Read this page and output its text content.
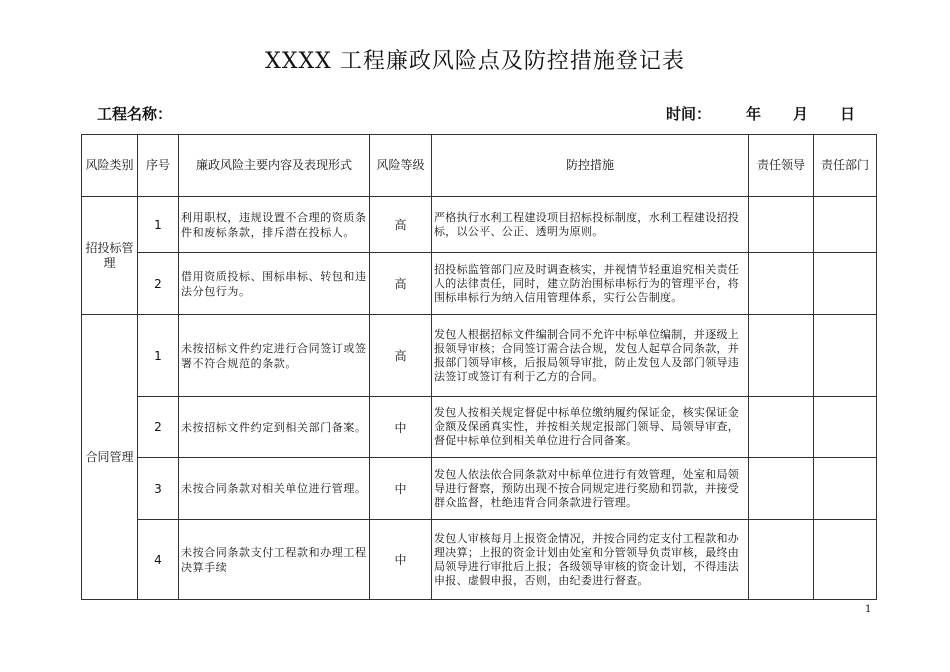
XXXX 工程廉政风险点及防控措施登记表
工程名称：	时间： 年 月 日
风险类别	序号	廉政风险主要内容及表现形式	风险等级	防控措施	责任领导	责任部门
招投标管理	1	利用职权，违规设置不合理的资质条件和废标条款，排斥潜在投标人。	高	严格执行水利工程建设项目招标投标制度，水利工程建设招投标，以公平、公正、透明为原则。		
	2	借用资质投标、围标串标、转包和违法分包行为。	高	招投标监管部门应及时调查核实，并视情节轻重追究相关责任人的法律责任，同时，建立防治围标串标行为的管理平台，将围标串标行为纳入信用管理体系，实行公告制度。		
合同管理	1	未按招标文件约定进行合同签订或签署不符合规范的条款。	高	发包人根据招标文件编制合同不允许中标单位编制，并逐级上报领导审核；合同签订需合法合规，发包人起草合同条款，并报部门领导审核，后报局领导审批，防止发包人及部门领导违法签订或签订有利于乙方的合同。		
	2	未按招标文件约定到相关部门备案。	中	发包人按相关规定督促中标单位缴纳履约保证金，核实保证金金额及保函真实性，并按相关规定报部门领导、局领导审查，督促中标单位到相关单位进行合同备案。		
	3	未按合同条款对相关单位进行管理。	中	发包人依法依合同条款对中标单位进行有效管理，处室和局领导进行督察，预防出现不按合同规定进行奖励和罚款，并接受群众监督，杜绝违背合同条款进行管理。		
	4	未按合同条款支付工程款和办理工程决算手续	中	发包人审核每月上报资金情况，并按合同约定支付工程款和办理决算；上报的资金计划由处室和分管领导负责审核，最终由局领导进行审批后上报；各级领导审核的资金计划，不得违法申报、虚假申报，否则，由纪委进行督查。		
1
